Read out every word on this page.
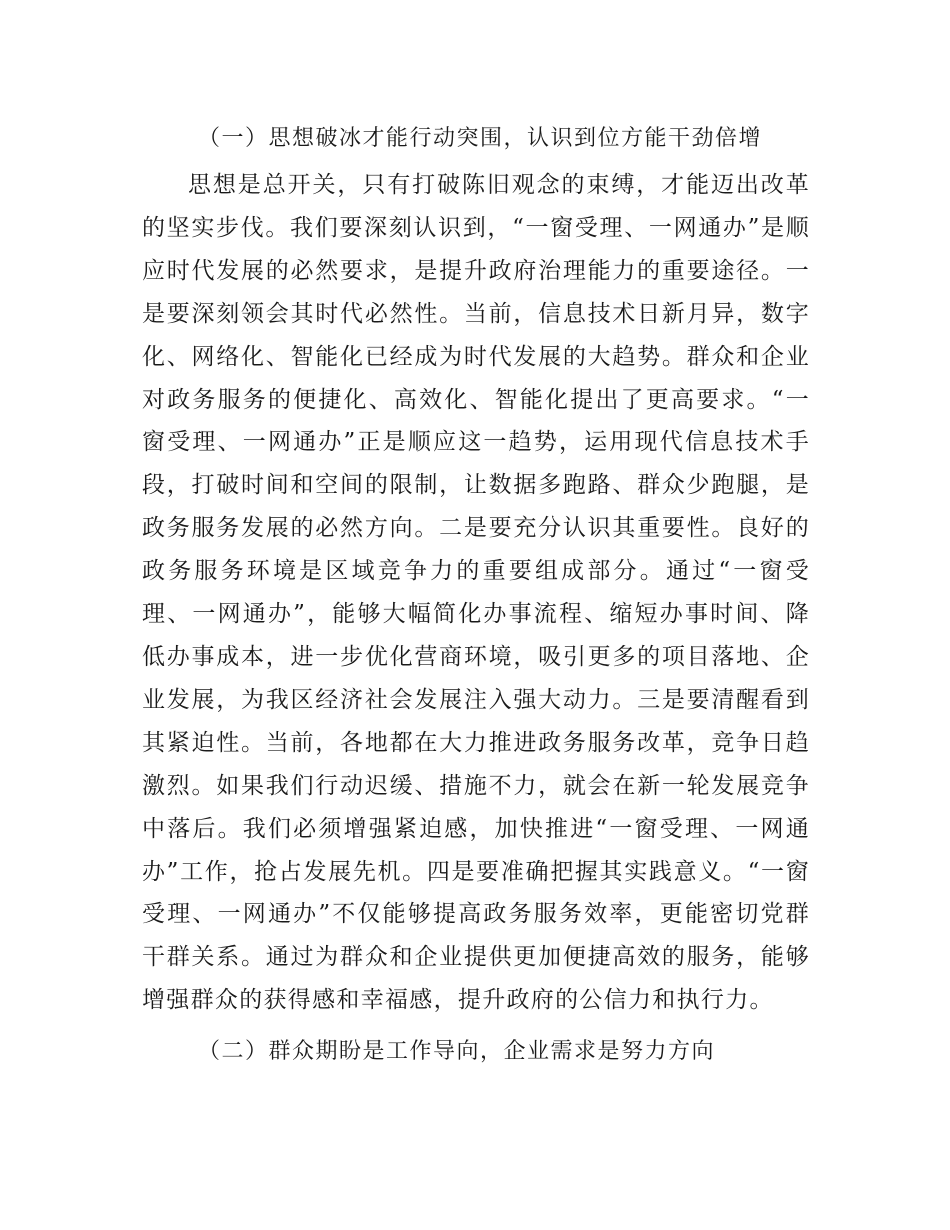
（一）思想破冰才能行动突围，认识到位方能干劲倍增

思想是总开关，只有打破陈旧观念的束缚，才能迈出改革的坚实步伐。我们要深刻认识到，“一窗受理、一网通办”是顺应时代发展的必然要求，是提升政府治理能力的重要途径。一是要深刻领会其时代必然性。当前，信息技术日新月异，数字化、网络化、智能化已经成为时代发展的大趋势。群众和企业对政务服务的便捷化、高效化、智能化提出了更高要求。“一窗受理、一网通办”正是顺应这一趋势，运用现代信息技术手段，打破时间和空间的限制，让数据多跑路、群众少跑腿，是政务服务发展的必然方向。二是要充分认识其重要性。良好的政务服务环境是区域竞争力的重要组成部分。通过“一窗受理、一网通办”，能够大幅简化办事流程、缩短办事时间、降低办事成本，进一步优化营商环境，吸引更多的项目落地、企业发展，为我区经济社会发展注入强大动力。三是要清醒看到其紧迫性。当前，各地都在大力推进政务服务改革，竞争日趋激烈。如果我们行动迟缓、措施不力，就会在新一轮发展竞争中落后。我们必须增强紧迫感，加快推进“一窗受理、一网通办”工作，抢占发展先机。四是要准确把握其实践意义。“一窗受理、一网通办”不仅能够提高政务服务效率，更能密切党群干群关系。通过为群众和企业提供更加便捷高效的服务，能够增强群众的获得感和幸福感，提升政府的公信力和执行力。

（二）群众期盼是工作导向，企业需求是努力方向
